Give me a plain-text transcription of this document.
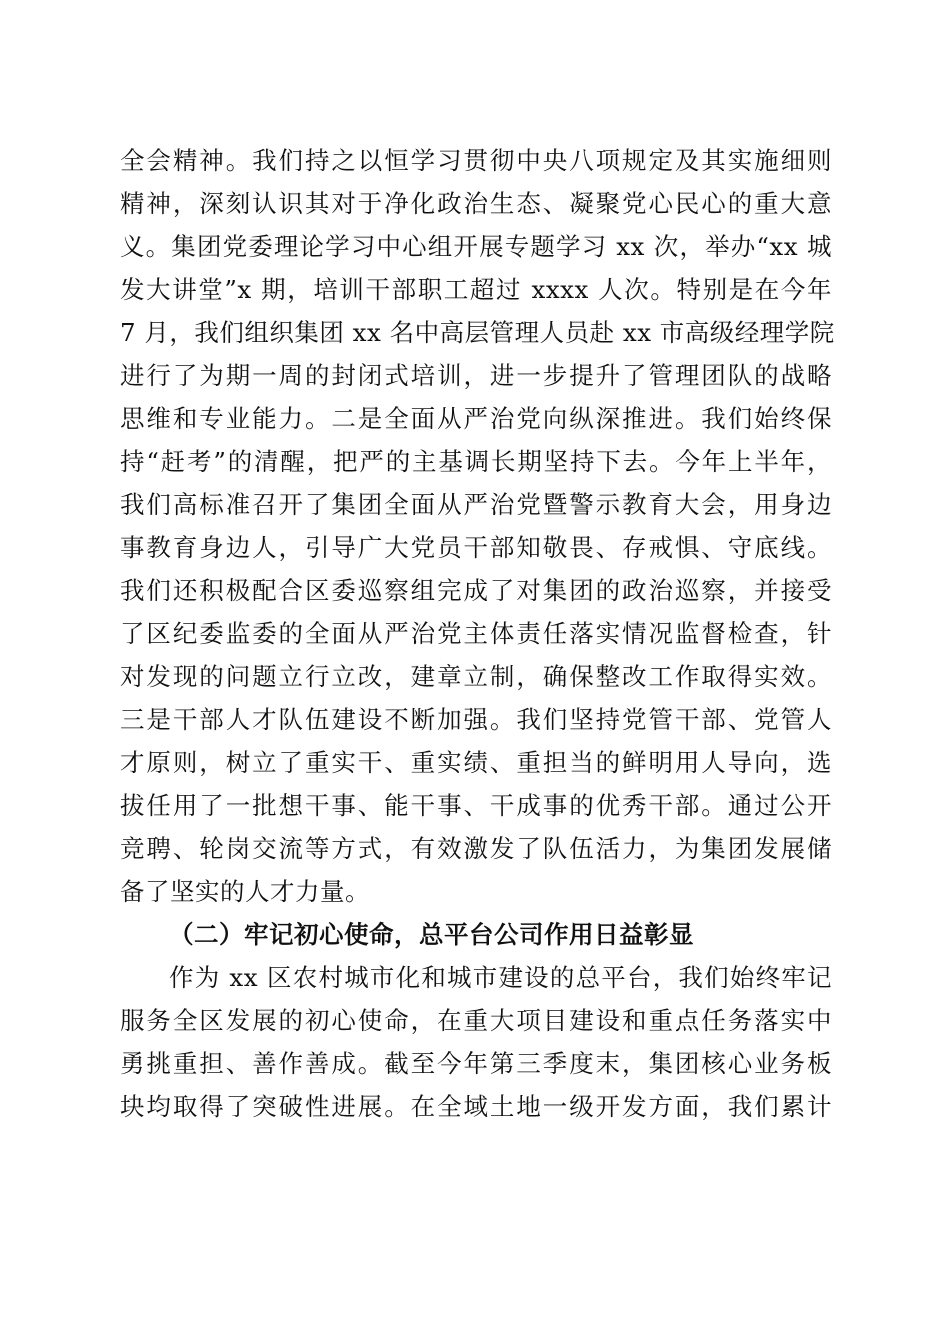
全会精神。我们持之以恒学习贯彻中央八项规定及其实施细则
精神，深刻认识其对于净化政治生态、凝聚党心民心的重大意
义。集团党委理论学习中心组开展专题学习 xx 次，举办“xx 城
发大讲堂”x 期，培训干部职工超过 xxxx 人次。特别是在今年
7 月，我们组织集团 xx 名中高层管理人员赴 xx 市高级经理学院
进行了为期一周的封闭式培训，进一步提升了管理团队的战略
思维和专业能力。二是全面从严治党向纵深推进。我们始终保
持“赶考”的清醒，把严的主基调长期坚持下去。今年上半年，
我们高标准召开了集团全面从严治党暨警示教育大会，用身边
事教育身边人，引导广大党员干部知敬畏、存戒惧、守底线。
我们还积极配合区委巡察组完成了对集团的政治巡察，并接受
了区纪委监委的全面从严治党主体责任落实情况监督检查，针
对发现的问题立行立改，建章立制，确保整改工作取得实效。
三是干部人才队伍建设不断加强。我们坚持党管干部、党管人
才原则，树立了重实干、重实绩、重担当的鲜明用人导向，选
拔任用了一批想干事、能干事、干成事的优秀干部。通过公开
竞聘、轮岗交流等方式，有效激发了队伍活力，为集团发展储
备了坚实的人才力量。
（二）牢记初心使命，总平台公司作用日益彰显
作为 xx 区农村城市化和城市建设的总平台，我们始终牢记
服务全区发展的初心使命，在重大项目建设和重点任务落实中
勇挑重担、善作善成。截至今年第三季度末，集团核心业务板
块均取得了突破性进展。在全域土地一级开发方面，我们累计
